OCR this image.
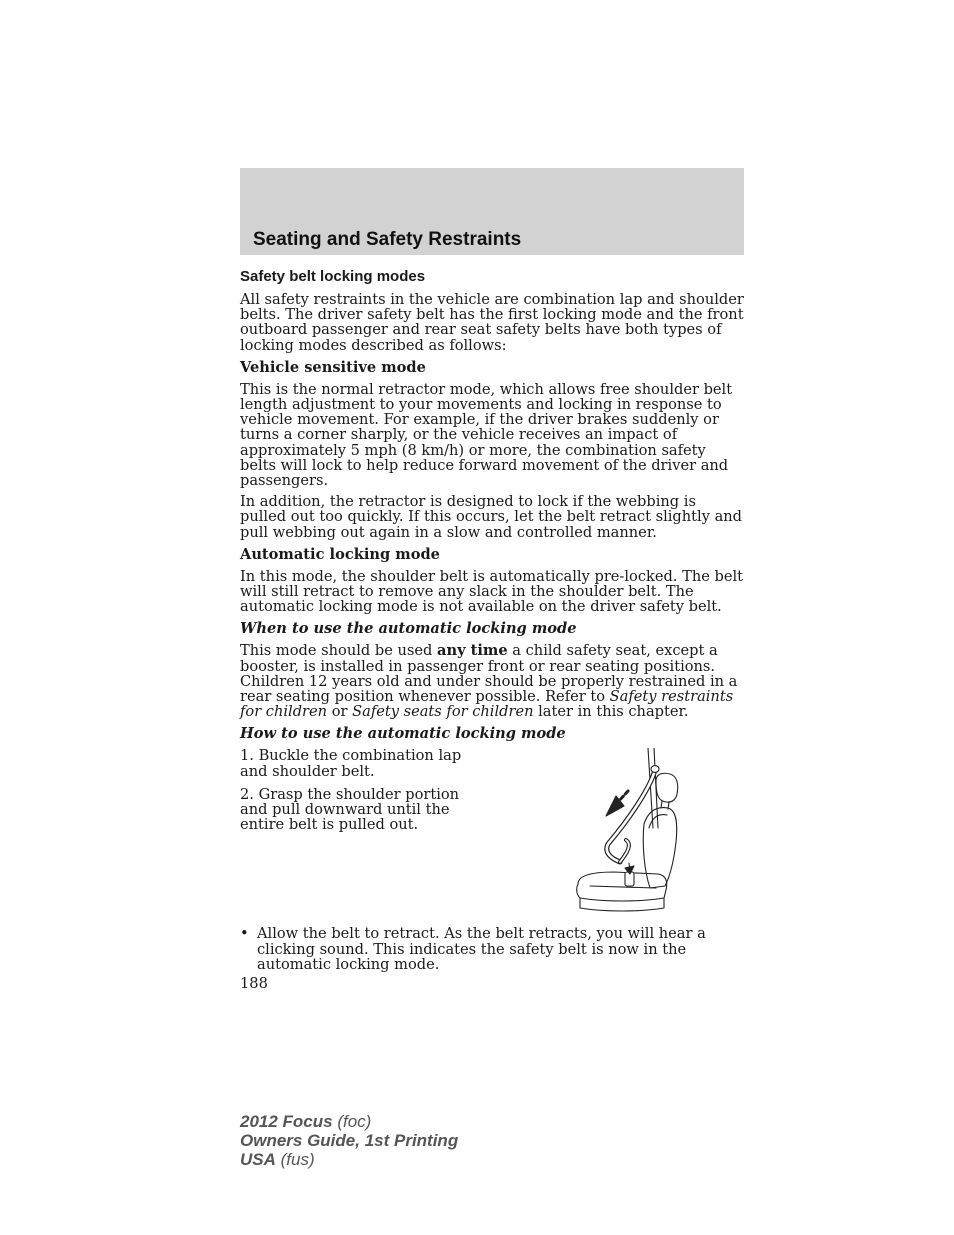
Seating and Safety Restraints
Safety belt locking modes

All safety restraints in the vehicle are combination lap and shoulder belts. The driver safety belt has the first locking mode and the front outboard passenger and rear seat safety belts have both types of locking modes described as follows:

Vehicle sensitive mode

This is the normal retractor mode, which allows free shoulder belt length adjustment to your movements and locking in response to vehicle movement. For example, if the driver brakes suddenly or turns a corner sharply, or the vehicle receives an impact of approximately 5 mph (8 km/h) or more, the combination safety belts will lock to help reduce forward movement of the driver and passengers.

In addition, the retractor is designed to lock if the webbing is pulled out too quickly. If this occurs, let the belt retract slightly and pull webbing out again in a slow and controlled manner.

Automatic locking mode

In this mode, the shoulder belt is automatically pre-locked. The belt will still retract to remove any slack in the shoulder belt. The automatic locking mode is not available on the driver safety belt.

When to use the automatic locking mode

This mode should be used any time a child safety seat, except a booster, is installed in passenger front or rear seating positions. Children 12 years old and under should be properly restrained in a rear seating position whenever possible. Refer to Safety restraints for children or Safety seats for children later in this chapter.

How to use the automatic locking mode

1. Buckle the combination lap and shoulder belt.

2. Grasp the shoulder portion and pull downward until the entire belt is pulled out.

• Allow the belt to retract. As the belt retracts, you will hear a clicking sound. This indicates the safety belt is now in the automatic locking mode.

188

2012 Focus (foc)
Owners Guide, 1st Printing
USA (fus)
